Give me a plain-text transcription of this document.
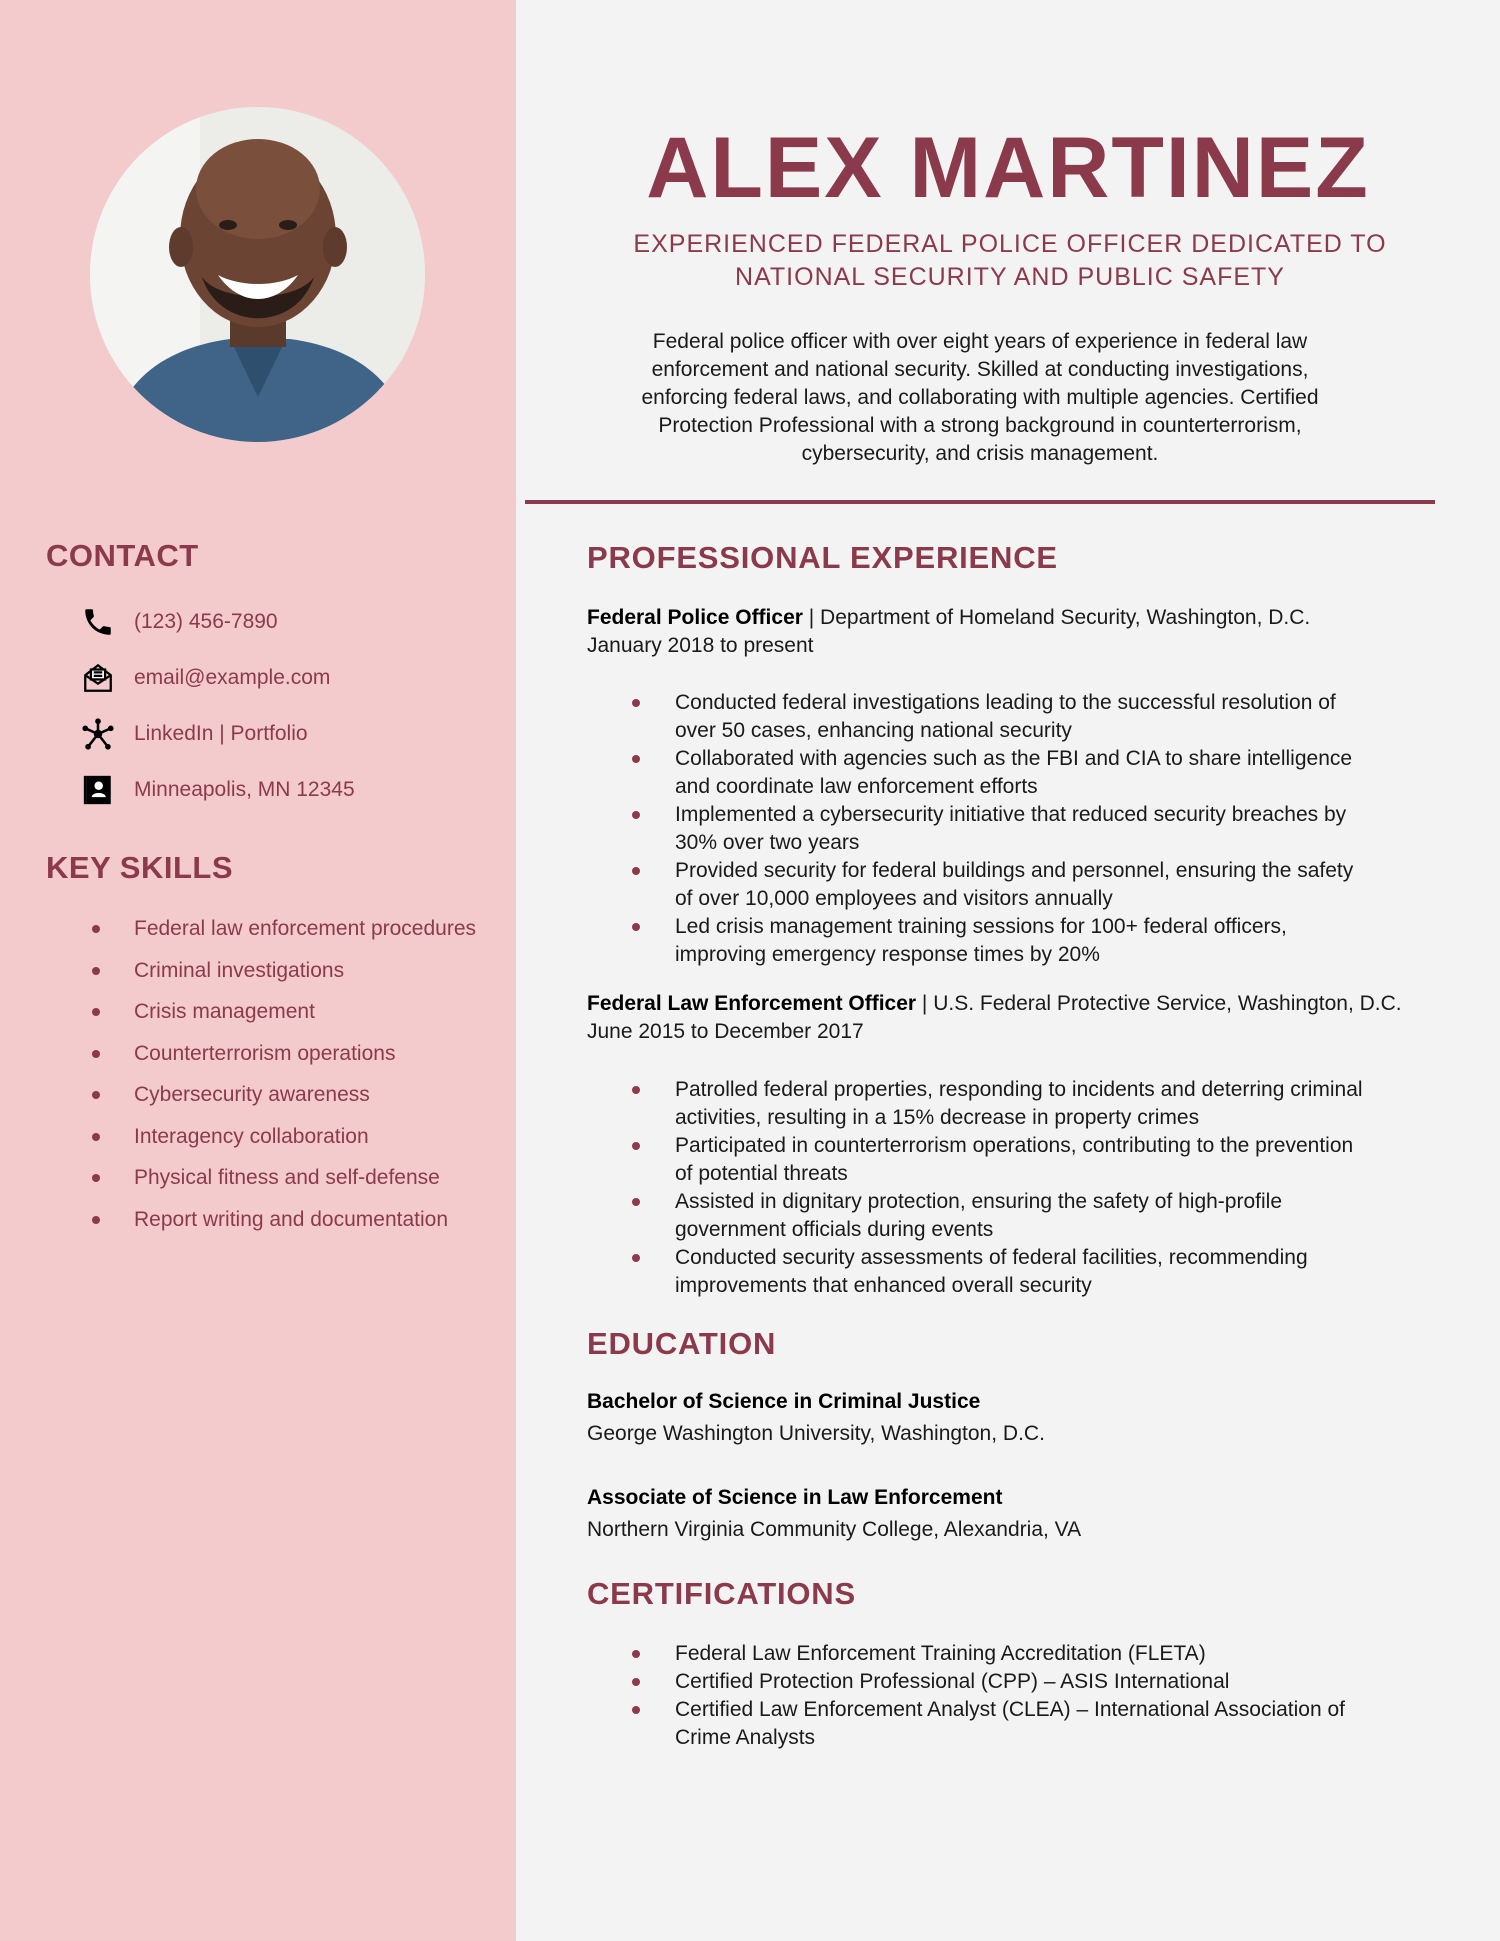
CONTACT
(123) 456-7890
email@example.com
LinkedIn | Portfolio
Minneapolis, MN 12345
KEY SKILLS
Federal law enforcement procedures
Criminal investigations
Crisis management
Counterterrorism operations
Cybersecurity awareness
Interagency collaboration
Physical fitness and self-defense
Report writing and documentation
ALEX MARTINEZ

EXPERIENCED FEDERAL POLICE OFFICER DEDICATED TO NATIONAL SECURITY AND PUBLIC SAFETY

Federal police officer with over eight years of experience in federal law enforcement and national security. Skilled at conducting investigations, enforcing federal laws, and collaborating with multiple agencies. Certified Protection Professional with a strong background in counterterrorism, cybersecurity, and crisis management.

PROFESSIONAL EXPERIENCE

Federal Police Officer | Department of Homeland Security, Washington, D.C.

January 2018 to present

Conducted federal investigations leading to the successful resolution of over 50 cases, enhancing national security
Collaborated with agencies such as the FBI and CIA to share intelligence and coordinate law enforcement efforts
Implemented a cybersecurity initiative that reduced security breaches by 30% over two years
Provided security for federal buildings and personnel, ensuring the safety of over 10,000 employees and visitors annually
Led crisis management training sessions for 100+ federal officers, improving emergency response times by 20%

Federal Law Enforcement Officer | U.S. Federal Protective Service, Washington, D.C.

June 2015 to December 2017

Patrolled federal properties, responding to incidents and deterring criminal activities, resulting in a 15% decrease in property crimes
Participated in counterterrorism operations, contributing to the prevention of potential threats
Assisted in dignitary protection, ensuring the safety of high-profile government officials during events
Conducted security assessments of federal facilities, recommending improvements that enhanced overall security
EDUCATION

Bachelor of Science in Criminal Justice

George Washington University, Washington, D.C.

Associate of Science in Law Enforcement

Northern Virginia Community College, Alexandria, VA

CERTIFICATIONS
Federal Law Enforcement Training Accreditation (FLETA)
Certified Protection Professional (CPP) – ASIS International
Certified Law Enforcement Analyst (CLEA) – International Association of Crime Analysts
